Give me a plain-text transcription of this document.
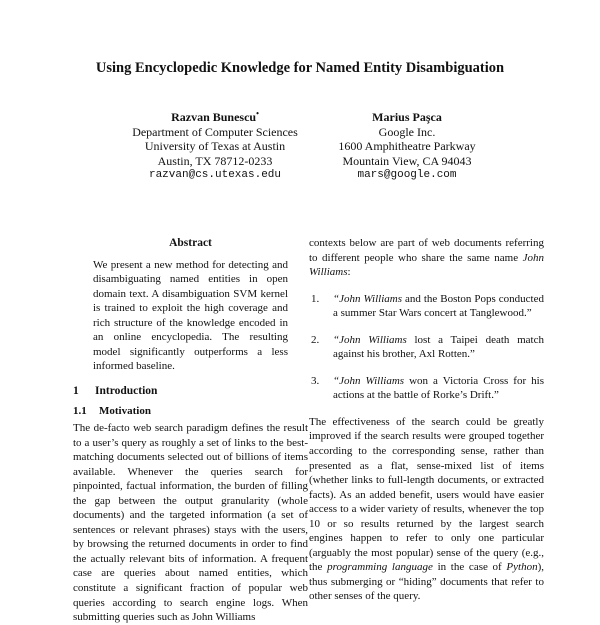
Using Encyclopedic Knowledge for Named Entity Disambiguation
Razvan Bunescu•
Department of Computer Sciences
University of Texas at Austin
Austin, TX 78712-0233
razvan@cs.utexas.edu
Marius Paşca
Google Inc.
1600 Amphitheatre Parkway
Mountain View, CA 94043
mars@google.com
Abstract

We present a new method for detecting and disambiguating named entities in open domain text. A disambiguation SVM kernel is trained to exploit the high coverage and rich structure of the knowledge encoded in an online encyclopedia. The resulting model significantly outperforms a less informed baseline.

1 Introduction
1.1 Motivation

The de-facto web search paradigm defines the result to a user’s query as roughly a set of links to the best-matching documents selected out of billions of items available. Whenever the queries search for pinpointed, factual information, the burden of filling the gap between the output granularity (whole documents) and the targeted information (a set of sentences or relevant phrases) stays with the users, by browsing the returned documents in order to find the actually relevant bits of information. A frequent case are queries about named entities, which constitute a significant fraction of popular web queries according to search engine logs. When submitting queries such as John Williams

contexts below are part of web documents referring to different people who share the same name John Williams:

1.	“John Williams and the Boston Pops conducted a summer Star Wars concert at Tanglewood.”
2.	“John Williams lost a Taipei death match against his brother, Axl Rotten.”
3.	“John Williams won a Victoria Cross for his actions at the battle of Rorke’s Drift.”

The effectiveness of the search could be greatly improved if the search results were grouped together according to the corresponding sense, rather than presented as a flat, sense-mixed list of items (whether links to full-length documents, or extracted facts). As an added benefit, users would have easier access to a wider variety of results, whenever the top 10 or so results returned by the largest search engines happen to refer to only one particular (arguably the most popular) sense of the query (e.g., the programming language in the case of Python), thus submerging or “hiding” documents that refer to other senses of the query.
